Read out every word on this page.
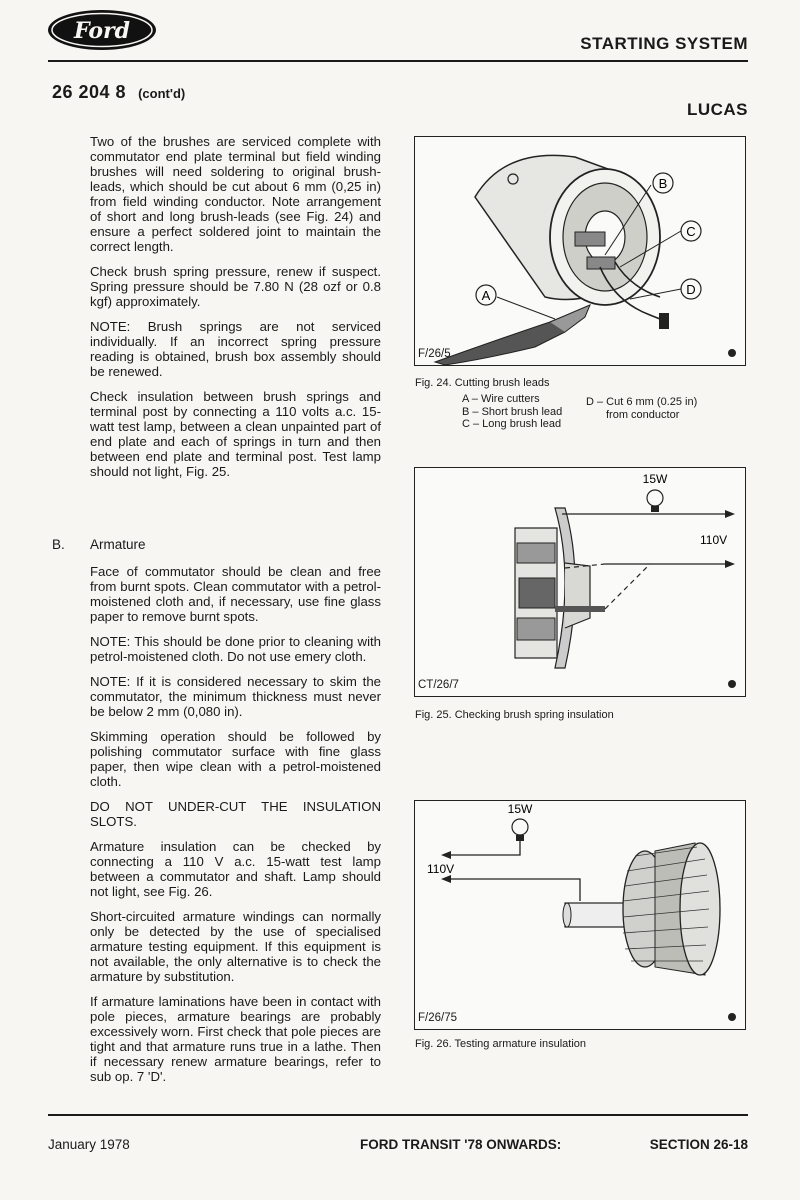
Ford	STARTING SYSTEM
26 204 8 (cont'd)
LUCAS

Two of the brushes are serviced complete with commutator end plate terminal but field winding brushes will need soldering to original brush-leads, which should be cut about 6 mm (0,25 in) from field winding conductor. Note arrangement of short and long brush-leads (see Fig. 24) and ensure a perfect soldered joint to maintain the correct length.

Check brush spring pressure, renew if suspect. Spring pressure should be 7.80 N (28 ozf or 0.8 kgf) approximately.

NOTE: Brush springs are not serviced individually. If an incorrect spring pressure reading is obtained, brush box assembly should be renewed.

Check insulation between brush springs and terminal post by connecting a 110 volts a.c. 15-watt test lamp, between a clean unpainted part of end plate and each of springs in turn and then between end plate and terminal post. Test lamp should not light, Fig. 25.

B. Armature

Face of commutator should be clean and free from burnt spots. Clean commutator with a petrol-moistened cloth and, if necessary, use fine glass paper to remove burnt spots.

NOTE: This should be done prior to cleaning with petrol-moistened cloth. Do not use emery cloth.

NOTE: If it is considered necessary to skim the commutator, the minimum thickness must never be below 2 mm (0,080 in).

Skimming operation should be followed by polishing commutator surface with fine glass paper, then wipe clean with a petrol-moistened cloth.

DO NOT UNDER-CUT THE INSULATION SLOTS.

Armature insulation can be checked by connecting a 110 V a.c. 15-watt test lamp between a commutator and shaft. Lamp should not light, see Fig. 26.

Short-circuited armature windings can normally only be detected by the use of specialised armature testing equipment. If this equipment is not available, the only alternative is to check the armature by substitution.

If armature laminations have been in contact with pole pieces, armature bearings are probably excessively worn. First check that pole pieces are tight and that armature runs true in a lathe. Then if necessary renew armature bearings, refer to sub op. 7 'D'.

A
B
C
D
F/26/5
Fig. 24. Cutting brush leads
A – Wire cutters
B – Short brush lead
C – Long brush lead
D – Cut 6 mm (0.25 in)
from conductor
15W
110V
CT/26/7
Fig. 25. Checking brush spring insulation
15W
110V
F/26/75
Fig. 26. Testing armature insulation
January 1978	FORD TRANSIT '78 ONWARDS:	SECTION 26-18
